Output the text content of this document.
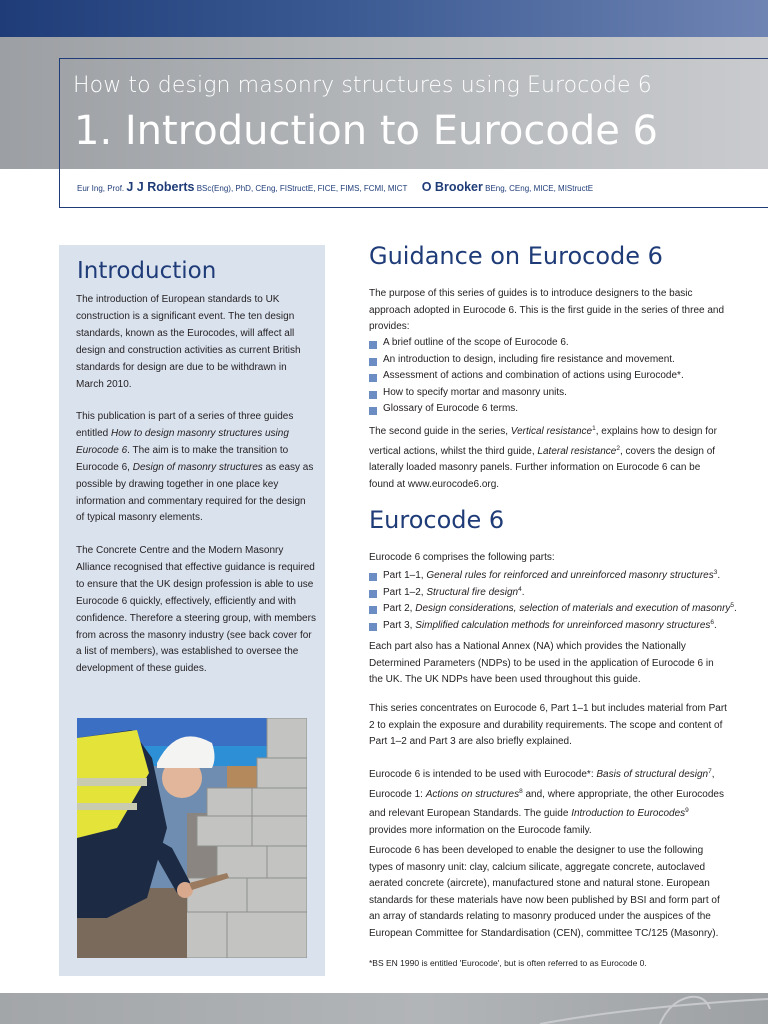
How to design masonry structures using Eurocode 6
1. Introduction to Eurocode 6
Eur Ing, Prof. J J Roberts BSc(Eng), PhD, CEng, FIStructE, FICE, FIMS, FCMI, MICT O Brooker BEng, CEng, MICE, MIStructE
Introduction

The introduction of European standards to UK construction is a significant event. The ten design standards, known as the Eurocodes, will affect all design and construction activities as current British standards for design are due to be withdrawn in March 2010.

This publication is part of a series of three guides entitled How to design masonry structures using Eurocode 6. The aim is to make the transition to Eurocode 6, Design of masonry structures as easy as possible by drawing together in one place key information and commentary required for the design of typical masonry elements.

The Concrete Centre and the Modern Masonry Alliance recognised that effective guidance is required to ensure that the UK design profession is able to use Eurocode 6 quickly, effectively, efficiently and with confidence. Therefore a steering group, with members from across the masonry industry (see back cover for a list of members), was established to oversee the development of these guides.

Guidance on Eurocode 6

The purpose of this series of guides is to introduce designers to the basic approach adopted in Eurocode 6. This is the first guide in the series of three and provides:

A brief outline of the scope of Eurocode 6.
An introduction to design, including fire resistance and movement.
Assessment of actions and combination of actions using Eurocode*.
How to specify mortar and masonry units.
Glossary of Eurocode 6 terms.

The second guide in the series, Vertical resistance$^1$, explains how to design for vertical actions, whilst the third guide, Lateral resistance$^2$, covers the design of laterally loaded masonry panels. Further information on Eurocode 6 can be found at www.eurocode6.org.

Eurocode 6

Eurocode 6 comprises the following parts:

Part 1–1, General rules for reinforced and unreinforced masonry structures$^3$.
Part 1–2, Structural fire design$^4$.
Part 2, Design considerations, selection of materials and execution of masonry$^5$.
Part 3, Simplified calculation methods for unreinforced masonry structures$^6$.

Each part also has a National Annex (NA) which provides the Nationally Determined Parameters (NDPs) to be used in the application of Eurocode 6 in the UK. The UK NDPs have been used throughout this guide.

This series concentrates on Eurocode 6, Part 1–1 but includes material from Part 2 to explain the exposure and durability requirements. The scope and content of Part 1–2 and Part 3 are also briefly explained.

Eurocode 6 is intended to be used with Eurocode*: Basis of structural design$^7$, Eurocode 1: Actions on structures$^8$ and, where appropriate, the other Eurocodes and relevant European Standards. The guide Introduction to Eurocodes$^9$ provides more information on the Eurocode family.

Eurocode 6 has been developed to enable the designer to use the following types of masonry unit: clay, calcium silicate, aggregate concrete, autoclaved aerated concrete (aircrete), manufactured stone and natural stone. European standards for these materials have now been published by BSI and form part of an array of standards relating to masonry produced under the auspices of the European Committee for Standardisation (CEN), committee TC/125 (Masonry).

*BS EN 1990 is entitled 'Eurocode', but is often referred to as Eurocode 0.
